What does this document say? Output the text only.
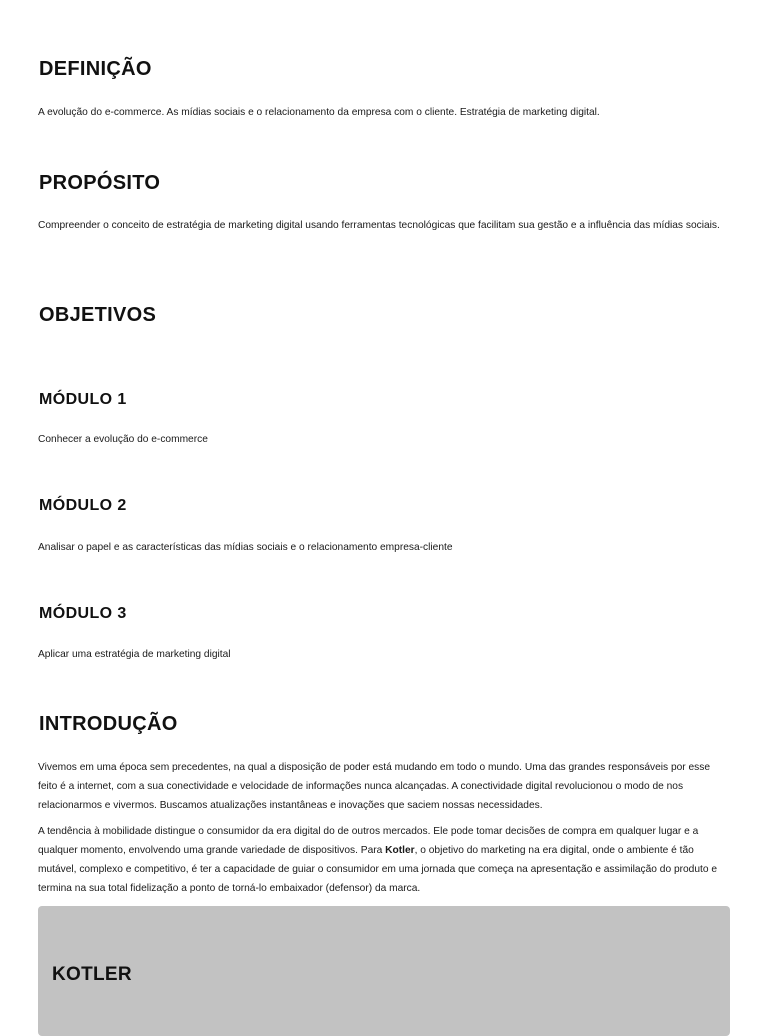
DEFINIÇÃO

A evolução do e-commerce. As mídias sociais e o relacionamento da empresa com o cliente. Estratégia de marketing digital.

PROPÓSITO

Compreender o conceito de estratégia de marketing digital usando ferramentas tecnológicas que facilitam sua gestão e a influência das mídias sociais.

OBJETIVOS
MÓDULO 1

Conhecer a evolução do e-commerce

MÓDULO 2

Analisar o papel e as características das mídias sociais e o relacionamento empresa-cliente

MÓDULO 3

Aplicar uma estratégia de marketing digital

INTRODUÇÃO

Vivemos em uma época sem precedentes, na qual a disposição de poder está mudando em todo o mundo. Uma das grandes responsáveis por esse feito é a internet, com a sua conectividade e velocidade de informações nunca alcançadas. A conectividade digital revolucionou o modo de nos relacionarmos e vivermos. Buscamos atualizações instantâneas e inovações que saciem nossas necessidades.

A tendência à mobilidade distingue o consumidor da era digital do de outros mercados. Ele pode tomar decisões de compra em qualquer lugar e a qualquer momento, envolvendo uma grande variedade de dispositivos. Para Kotler, o objetivo do marketing na era digital, onde o ambiente é tão mutável, complexo e competitivo, é ter a capacidade de guiar o consumidor em uma jornada que começa na apresentação e assimilação do produto e termina na sua total fidelização a ponto de torná-lo embaixador (defensor) da marca.

KOTLER
